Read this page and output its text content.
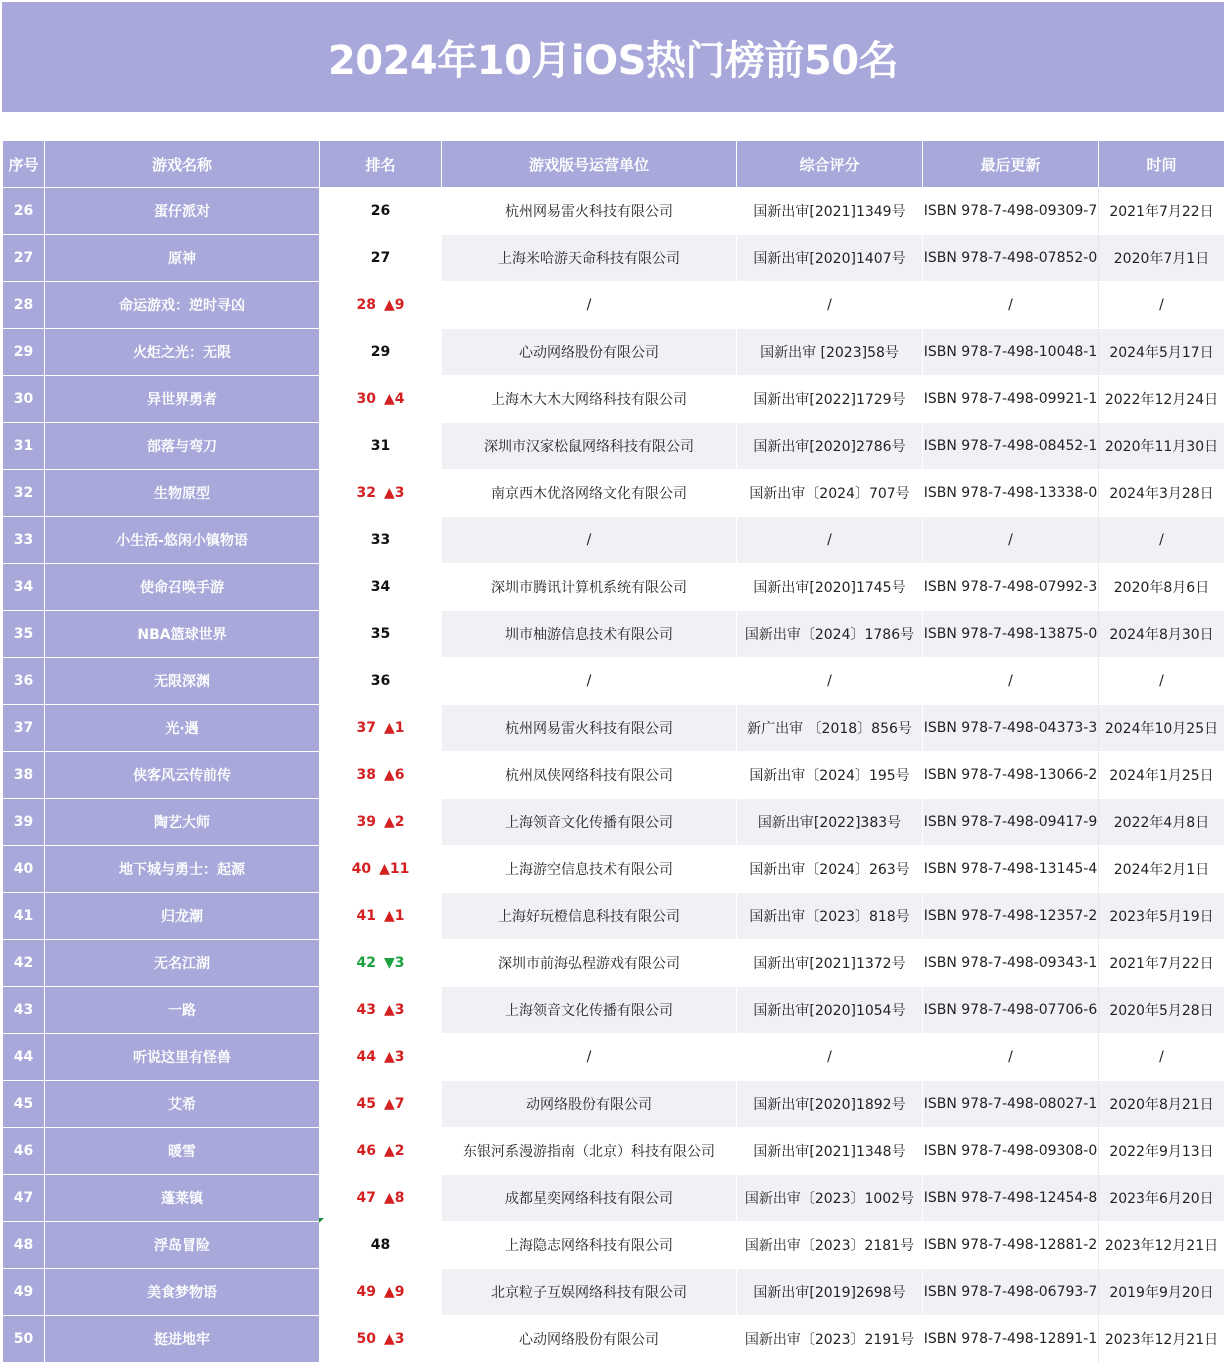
2024年10月iOS热门榜前50名
序号	游戏名称	排名	游戏版号运营单位	综合评分	最后更新	时间
26	蛋仔派对	26	杭州网易雷火科技有限公司	国新出审[2021]1349号	ISBN 978-7-498-09309-7	2021年7月22日
27	原神	27	上海米哈游天命科技有限公司	国新出审[2020]1407号	ISBN 978-7-498-07852-0	2020年7月1日
28	命运游戏：逆时寻凶	28 ▲9	/	/	/	/
29	火炬之光：无限	29	心动网络股份有限公司	国新出审 [2023]58号	ISBN 978-7-498-10048-1	2024年5月17日
30	异世界勇者	30 ▲4	上海木大木大网络科技有限公司	国新出审[2022]1729号	ISBN 978-7-498-09921-1	2022年12月24日
31	部落与弯刀	31	深圳市汉家松鼠网络科技有限公司	国新出审[2020]2786号	ISBN 978-7-498-08452-1	2020年11月30日
32	生物原型	32 ▲3	南京西木优洛网络文化有限公司	国新出审〔2024〕707号	ISBN 978-7-498-13338-0	2024年3月28日
33	小生活-悠闲小镇物语	33	/	/	/	/
34	使命召唤手游	34	深圳市腾讯计算机系统有限公司	国新出审[2020]1745号	ISBN 978-7-498-07992-3	2020年8月6日
35	NBA篮球世界	35	圳市柚游信息技术有限公司	国新出审〔2024〕1786号	ISBN 978-7-498-13875-0	2024年8月30日
36	无限深渊	36	/	/	/	/
37	光·遇	37 ▲1	杭州网易雷火科技有限公司	新广出审 〔2018〕856号	ISBN 978-7-498-04373-3	2024年10月25日
38	侠客风云传前传	38 ▲6	杭州凤侠网络科技有限公司	国新出审〔2024〕195号	ISBN 978-7-498-13066-2	2024年1月25日
39	陶艺大师	39 ▲2	上海领音文化传播有限公司	国新出审[2022]383号	ISBN 978-7-498-09417-9	2022年4月8日
40	地下城与勇士：起源	40 ▲11	上海游空信息技术有限公司	国新出审〔2024〕263号	ISBN 978-7-498-13145-4	2024年2月1日
41	归龙潮	41 ▲1	上海好玩橙信息科技有限公司	国新出审〔2023〕818号	ISBN 978-7-498-12357-2	2023年5月19日
42	无名江湖	42 ▼3	深圳市前海弘程游戏有限公司	国新出审[2021]1372号	ISBN 978-7-498-09343-1	2021年7月22日
43	一路	43 ▲3	上海领音文化传播有限公司	国新出审[2020]1054号	ISBN 978-7-498-07706-6	2020年5月28日
44	听说这里有怪兽	44 ▲3	/	/	/	/
45	艾希	45 ▲7	动网络股份有限公司	国新出审[2020]1892号	ISBN 978-7-498-08027-1	2020年8月21日
46	暖雪	46 ▲2	东银河系漫游指南（北京）科技有限公司	国新出审[2021]1348号	ISBN 978-7-498-09308-0	2022年9月13日
47	蓬莱镇	47 ▲8	成都星奕网络科技有限公司	国新出审〔2023〕1002号	ISBN 978-7-498-12454-8	2023年6月20日
48	浮岛冒险	48	上海隐志网络科技有限公司	国新出审〔2023〕2181号	ISBN 978-7-498-12881-2	2023年12月21日
49	美食梦物语	49 ▲9	北京粒子互娱网络科技有限公司	国新出审[2019]2698号	ISBN 978-7-498-06793-7	2019年9月20日
50	挺进地牢	50 ▲3	心动网络股份有限公司	国新出审〔2023〕2191号	ISBN 978-7-498-12891-1	2023年12月21日
